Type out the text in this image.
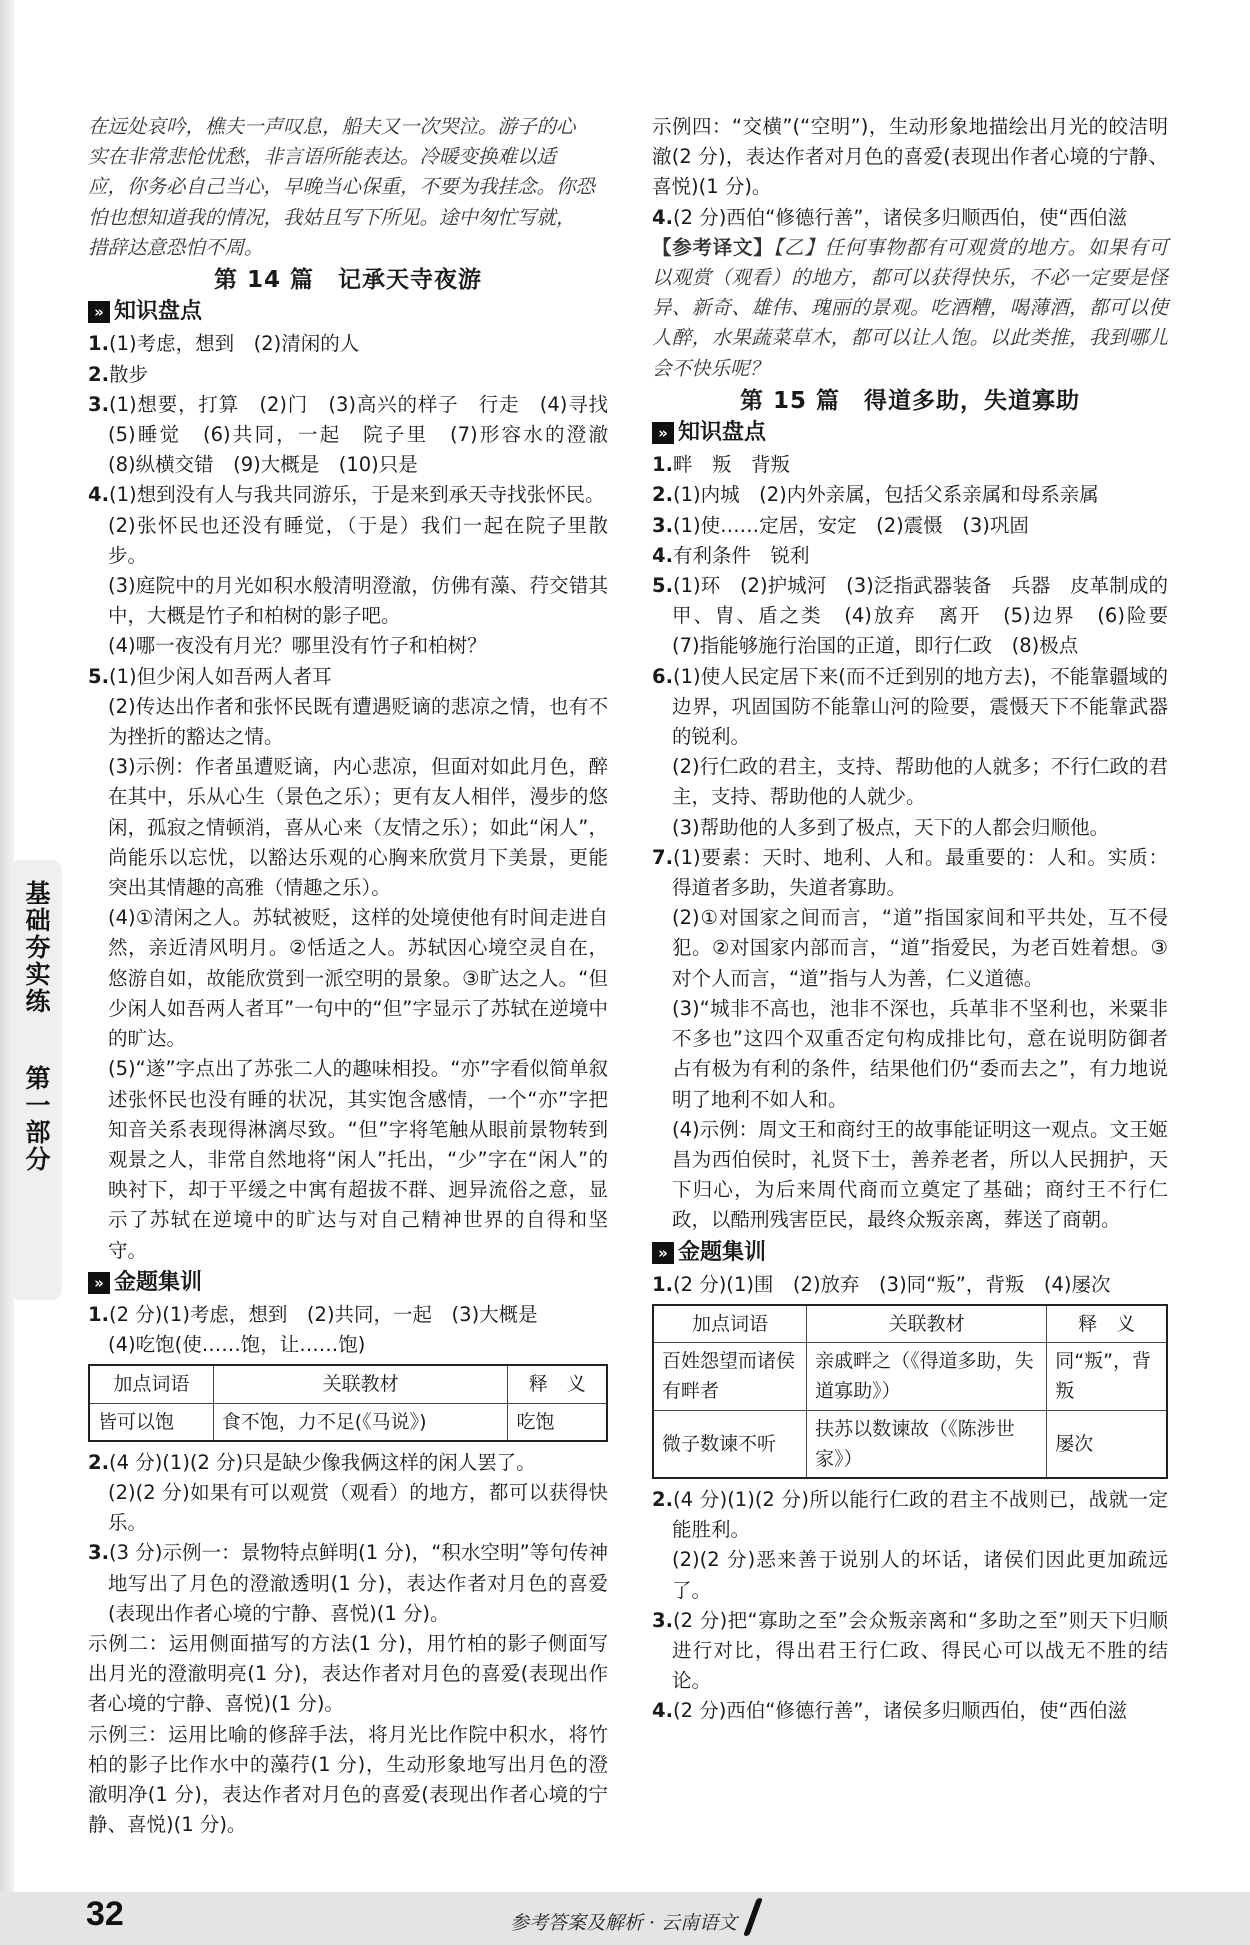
基础夯实练
第一部分

在远处哀吟，樵夫一声叹息，船夫又一次哭泣。游子的心

实在非常悲怆忧愁，非言语所能表达。冷暖变换难以适

应，你务必自己当心，早晚当心保重，不要为我挂念。你恐

怕也想知道我的情况，我姑且写下所见。途中匆忙写就，

措辞达意恐怕不周。

第 14 篇　记承天寺夜游
» 知识盘点

1.(1)考虑，想到　(2)清闲的人

2.散步

3.(1)想要，打算　(2)门　(3)高兴的样子　行走　(4)寻找　(5)睡觉　(6)共同，一起　院子里　(7)形容水的澄澈　(8)纵横交错　(9)大概是　(10)只是

4.(1)想到没有人与我共同游乐，于是来到承天寺找张怀民。

(2)张怀民也还没有睡觉，（于是）我们一起在院子里散步。

(3)庭院中的月光如积水般清明澄澈，仿佛有藻、荇交错其中，大概是竹子和柏树的影子吧。

(4)哪一夜没有月光？哪里没有竹子和柏树？

5.(1)但少闲人如吾两人者耳

(2)传达出作者和张怀民既有遭遇贬谪的悲凉之情，也有不为挫折的豁达之情。

(3)示例：作者虽遭贬谪，内心悲凉，但面对如此月色，醉在其中，乐从心生（景色之乐）；更有友人相伴，漫步的悠闲，孤寂之情顿消，喜从心来（友情之乐）；如此“闲人”，尚能乐以忘忧，以豁达乐观的心胸来欣赏月下美景，更能突出其情趣的高雅（情趣之乐）。

(4)①清闲之人。苏轼被贬，这样的处境使他有时间走进自然，亲近清风明月。②恬适之人。苏轼因心境空灵自在，悠游自如，故能欣赏到一派空明的景象。③旷达之人。“但少闲人如吾两人者耳”一句中的“但”字显示了苏轼在逆境中的旷达。

(5)“遂”字点出了苏张二人的趣味相投。“亦”字看似简单叙述张怀民也没有睡的状况，其实饱含感情，一个“亦”字把知音关系表现得淋漓尽致。“但”字将笔触从眼前景物转到观景之人，非常自然地将“闲人”托出，“少”字在“闲人”的映衬下，却于平缓之中寓有超拔不群、迥异流俗之意，显示了苏轼在逆境中的旷达与对自己精神世界的自得和坚守。

» 金题集训

1.(2 分)(1)考虑，想到　(2)共同，一起　(3)大概是

(4)吃饱(使……饱，让……饱)

加点词语	关联教材	释　义
皆可以饱	食不饱，力不足(《马说》)	吃饱

2.(4 分)(1)(2 分)只是缺少像我俩这样的闲人罢了。

(2)(2 分)如果有可以观赏（观看）的地方，都可以获得快乐。

3.(3 分)示例一：景物特点鲜明(1 分)，“积水空明”等句传神地写出了月色的澄澈透明(1 分)，表达作者对月色的喜爱(表现出作者心境的宁静、喜悦)(1 分)。

示例二：运用侧面描写的方法(1 分)，用竹柏的影子侧面写出月光的澄澈明亮(1 分)，表达作者对月色的喜爱(表现出作者心境的宁静、喜悦)(1 分)。

示例三：运用比喻的修辞手法，将月光比作院中积水，将竹柏的影子比作水中的藻荇(1 分)，生动形象地写出月色的澄澈明净(1 分)，表达作者对月色的喜爱(表现出作者心境的宁静、喜悦)(1 分)。

示例四：“交横”(“空明”)，生动形象地描绘出月光的皎洁明澈(2 分)，表达作者对月色的喜爱(表现出作者心境的宁静、喜悦)(1 分)。

4.(2 分)西伯“修德行善”，诸侯多归顺西伯，使“西伯滋

【参考译文】【乙】任何事物都有可观赏的地方。如果有可以观赏（观看）的地方，都可以获得快乐，不必一定要是怪异、新奇、雄伟、瑰丽的景观。吃酒糟，喝薄酒，都可以使人醉，水果蔬菜草木，都可以让人饱。以此类推，我到哪儿会不快乐呢？

第 15 篇　得道多助，失道寡助
» 知识盘点

1.畔　叛　背叛

2.(1)内城　(2)内外亲属，包括父系亲属和母系亲属

3.(1)使……定居，安定　(2)震慑　(3)巩固

4.有利条件　锐利

5.(1)环　(2)护城河　(3)泛指武器装备　兵器　皮革制成的甲、胄、盾之类　(4)放弃　离开　(5)边界　(6)险要　(7)指能够施行治国的正道，即行仁政　(8)极点

6.(1)使人民定居下来(而不迁到别的地方去)，不能靠疆域的边界，巩固国防不能靠山河的险要，震慑天下不能靠武器的锐利。

(2)行仁政的君主，支持、帮助他的人就多；不行仁政的君主，支持、帮助他的人就少。

(3)帮助他的人多到了极点，天下的人都会归顺他。

7.(1)要素：天时、地利、人和。最重要的：人和。实质：得道者多助，失道者寡助。

(2)①对国家之间而言，“道”指国家间和平共处，互不侵犯。②对国家内部而言，“道”指爱民，为老百姓着想。③对个人而言，“道”指与人为善，仁义道德。

(3)“城非不高也，池非不深也，兵革非不坚利也，米粟非不多也”这四个双重否定句构成排比句，意在说明防御者占有极为有利的条件，结果他们仍“委而去之”，有力地说明了地利不如人和。

(4)示例：周文王和商纣王的故事能证明这一观点。文王姬昌为西伯侯时，礼贤下士，善养老者，所以人民拥护，天下归心，为后来周代商而立奠定了基础；商纣王不行仁政，以酷刑残害臣民，最终众叛亲离，葬送了商朝。

» 金题集训

1.(2 分)(1)围　(2)放弃　(3)同“叛”，背叛　(4)屡次

加点词语	关联教材	释　义
百姓怨望而诸侯有畔者	亲戚畔之（《得道多助，失道寡助》）	同“叛”，背叛
微子数谏不听	扶苏以数谏故（《陈涉世家》）	屡次

2.(4 分)(1)(2 分)所以能行仁政的君主不战则已，战就一定能胜利。

(2)(2 分)恶来善于说别人的坏话，诸侯们因此更加疏远了。

3.(2 分)把“寡助之至”会众叛亲离和“多助之至”则天下归顺进行对比，得出君王行仁政、得民心可以战无不胜的结论。

4.(2 分)西伯“修德行善”，诸侯多归顺西伯，使“西伯滋

32	参考答案及解析 · 云南语文
